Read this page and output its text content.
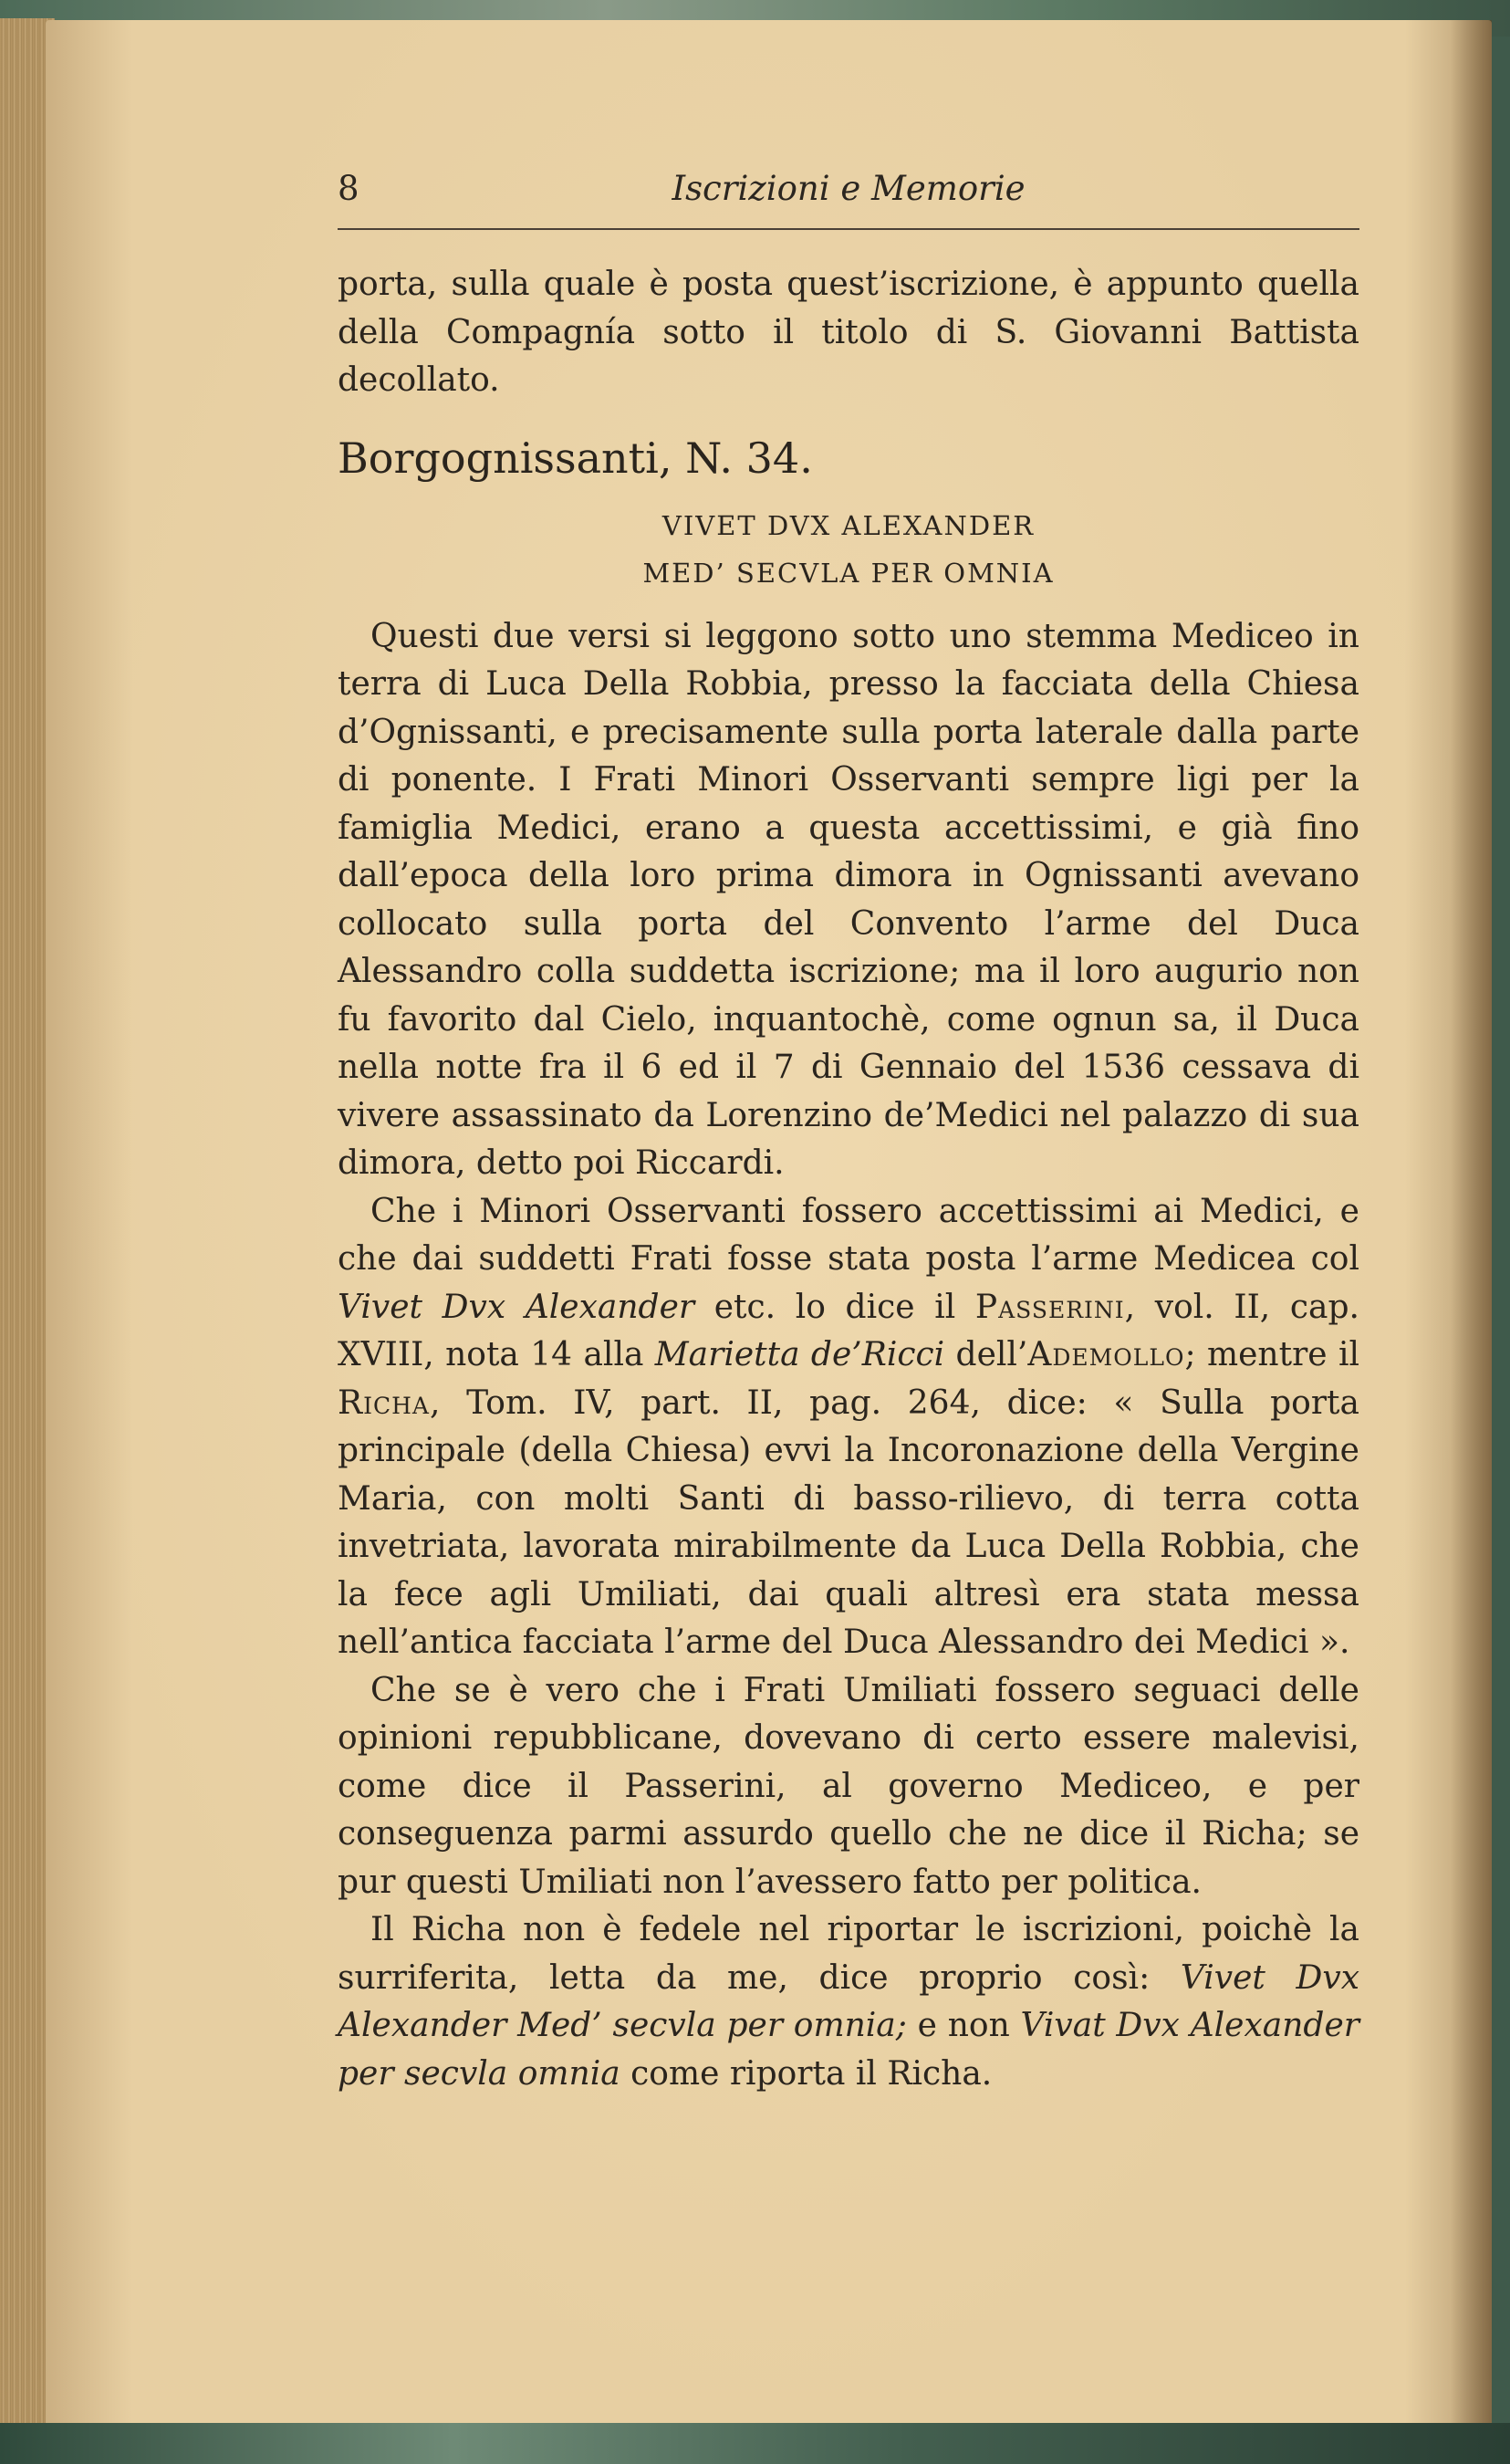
8	Iscrizioni e Memorie

porta, sulla quale è posta quest’iscrizione, è appunto quella della Compagnía sotto il titolo di S. Giovanni Battista decollato.

Borgognissanti, N. 34.

VIVET DVX ALEXANDER
MED’ SECVLA PER OMNIA

Questi due versi si leggono sotto uno stemma Mediceo in terra di Luca Della Robbia, presso la facciata della Chiesa d’Ognissanti, e precisamente sulla porta laterale dalla parte di ponente. I Frati Minori Osservanti sempre ligi per la famiglia Medici, erano a questa accettissimi, e già fino dall’epoca della loro prima dimora in Ognissanti avevano collocato sulla porta del Convento l’arme del Duca Alessandro colla suddetta iscrizione; ma il loro augurio non fu favorito dal Cielo, inquantochè, come ognun sa, il Duca nella notte fra il 6 ed il 7 di Gennaio del 1536 cessava di vivere assassinato da Lorenzino de’Medici nel palazzo di sua dimora, detto poi Riccardi.

Che i Minori Osservanti fossero accettissimi ai Medici, e che dai suddetti Frati fosse stata posta l’arme Medicea col Vivet Dvx Alexander etc. lo dice il Passerini, vol. II, cap. XVIII, nota 14 alla Marietta de’Ricci dell’Ademollo; mentre il Richa, Tom. IV, part. II, pag. 264, dice: « Sulla porta principale (della Chiesa) evvi la Incoronazione della Vergine Maria, con molti Santi di basso-rilievo, di terra cotta invetriata, lavorata mirabilmente da Luca Della Robbia, che la fece agli Umiliati, dai quali altresì era stata messa nell’antica facciata l’arme del Duca Alessandro dei Medici ».

Che se è vero che i Frati Umiliati fossero seguaci delle opinioni repubblicane, dovevano di certo essere malevisi, come dice il Passerini, al governo Mediceo, e per conseguenza parmi assurdo quello che ne dice il Richa; se pur questi Umiliati non l’avessero fatto per politica.

Il Richa non è fedele nel riportar le iscrizioni, poichè la surriferita, letta da me, dice proprio così: Vivet Dvx Alexander Med’ secvla per omnia; e non Vivat Dvx Alexander per secvla omnia come riporta il Richa.
